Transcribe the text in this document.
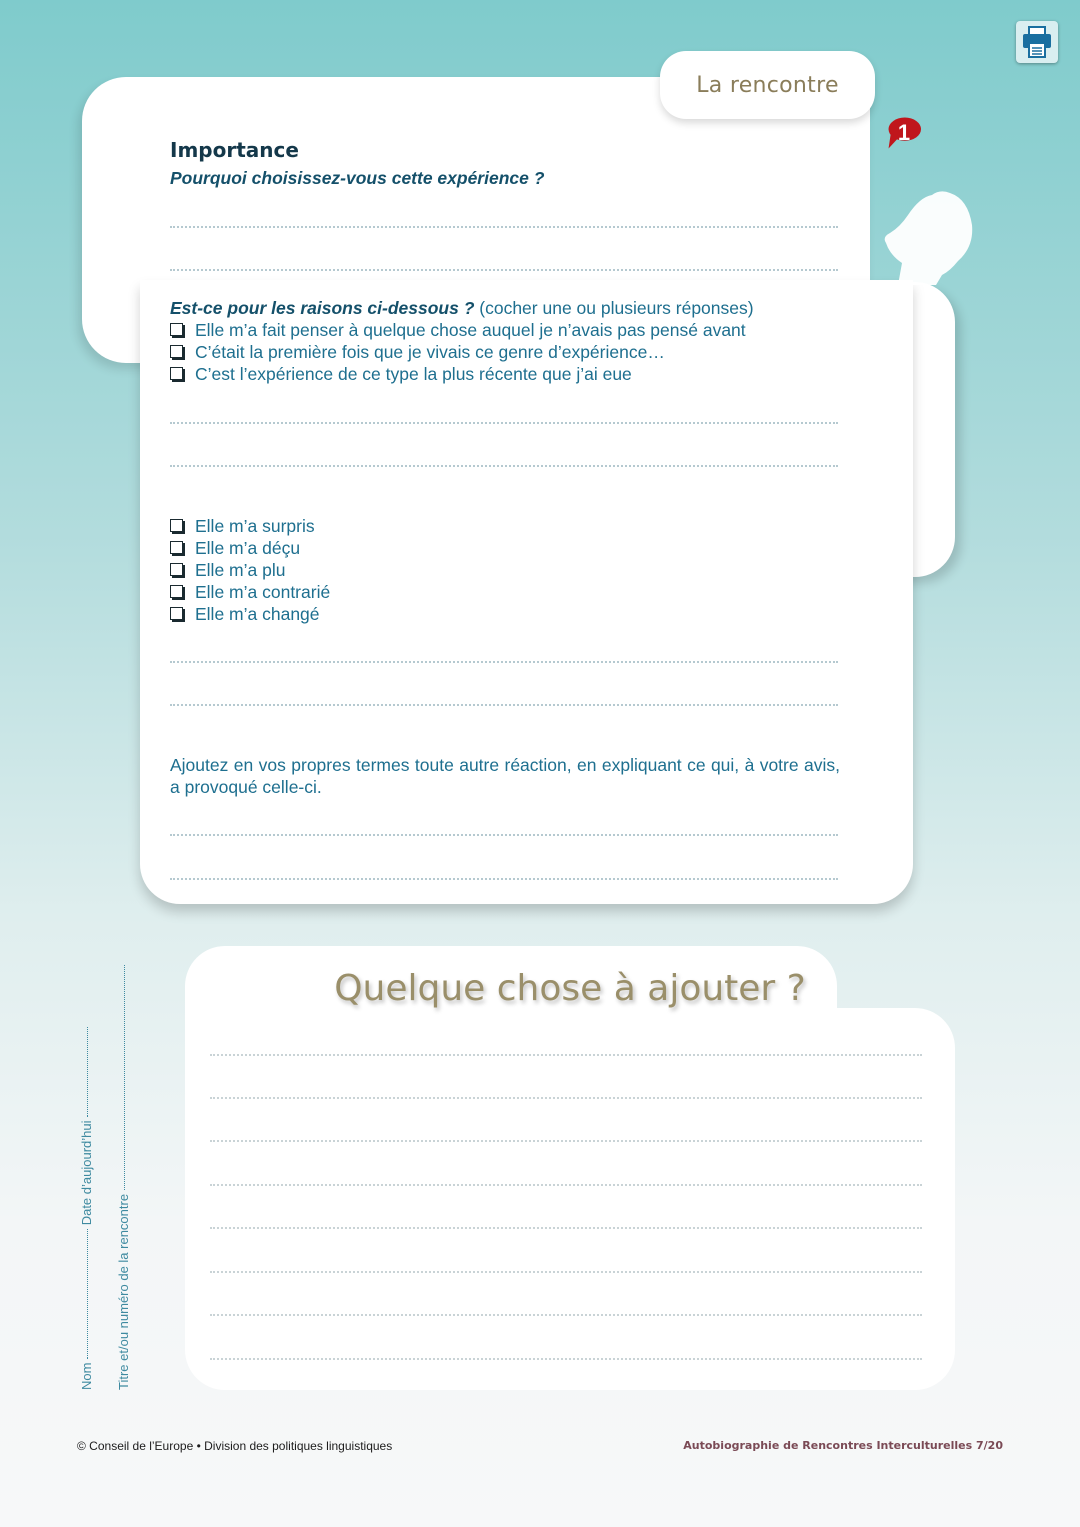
La rencontre
1
Importance
Pourquoi choisissez-vous cette expérience ?
Est-ce pour les raisons ci-dessous ? (cocher une ou plusieurs réponses)
Elle m’a fait penser à quelque chose auquel je n’avais pas pensé avant
C’était la première fois que je vivais ce genre d’expérience…
C’est l’expérience de ce type la plus récente que j’ai eue
Elle m’a surpris
Elle m’a déçu
Elle m’a plu
Elle m’a contrarié
Elle m’a changé
Ajoutez en vos propres termes toute autre réaction, en expliquant ce qui, à votre avis, a provoqué celle-ci.
Quelque chose à ajouter ?
Nom  Date d’aujourd’hui
Titre et/ou numéro de la rencontre
© Conseil de l’Europe • Division des politiques linguistiques	Autobiographie de Rencontres Interculturelles 7/20
